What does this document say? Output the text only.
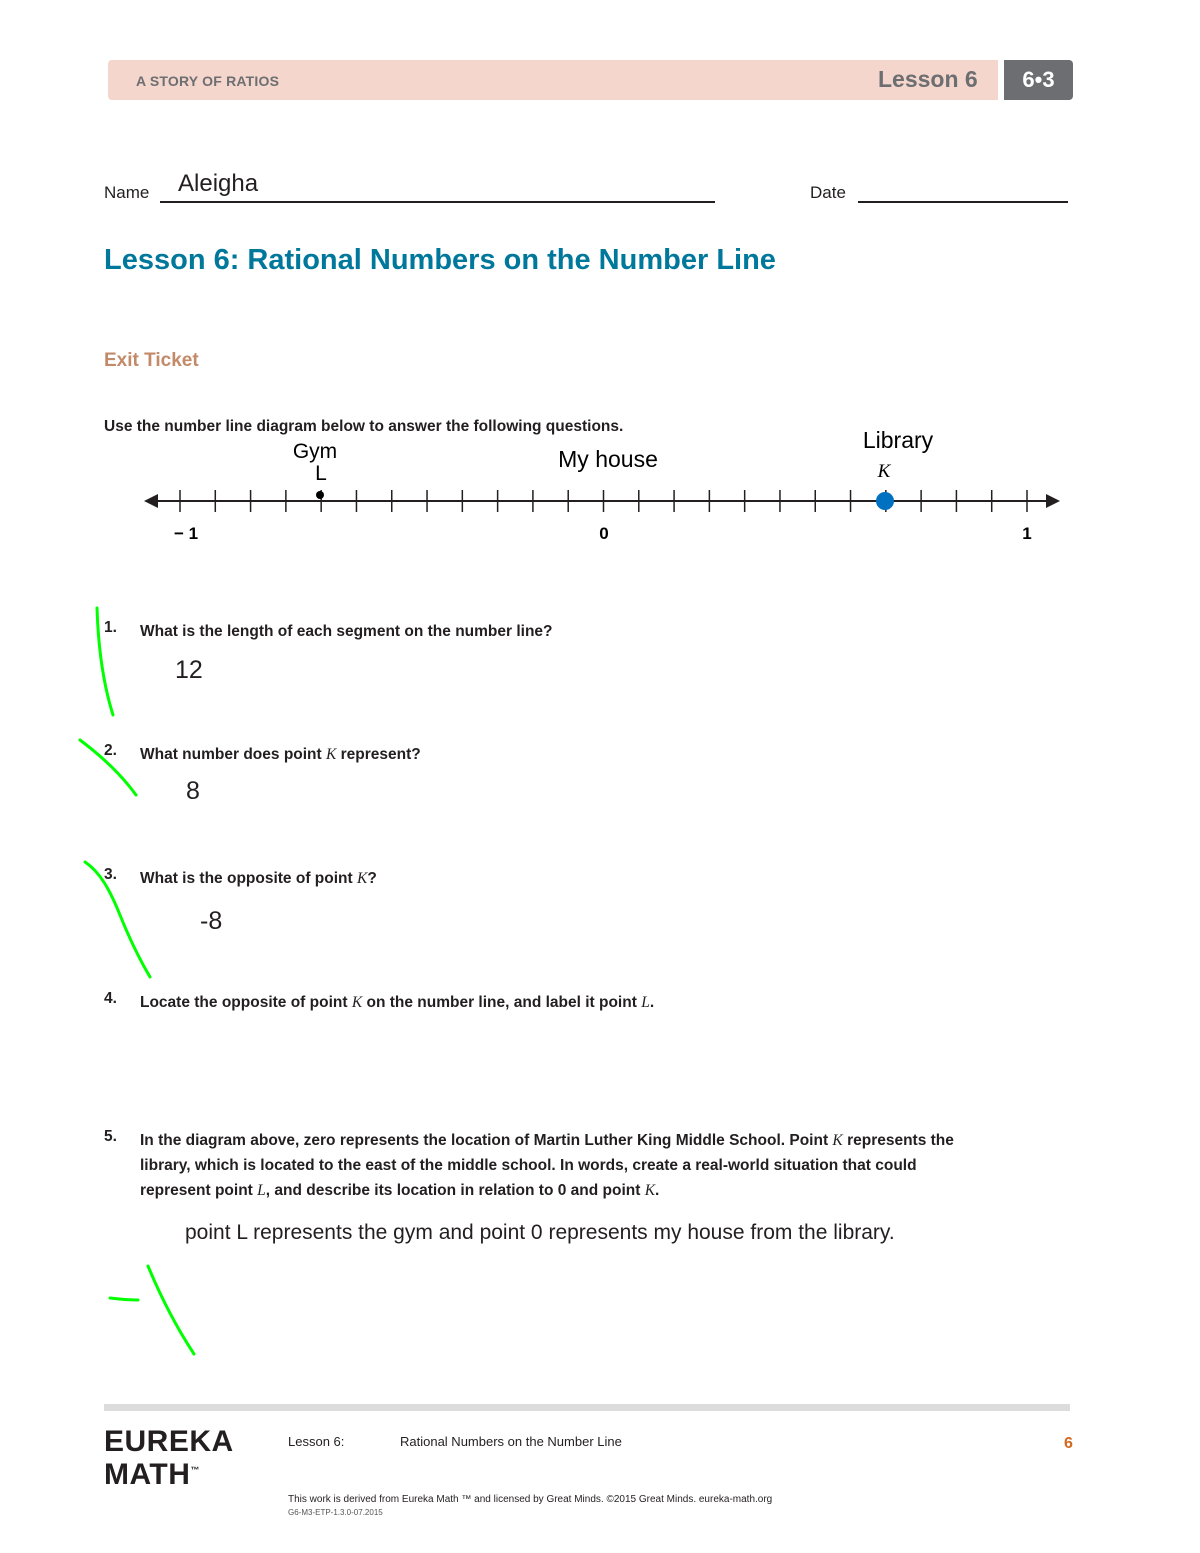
A STORY OF RATIOS	Lesson 6	6•3
Name Aleigha	Date
Lesson 6: Rational Numbers on the Number Line
Exit Ticket
Use the number line diagram below to answer the following questions.
− 1	0	1
K
Library
Gym
L
My house
1. What is the length of each segment on the number line?
12
2. What number does point K represent?
8
3. What is the opposite of point K?
-8
4. Locate the opposite of point K on the number line, and label it point L.
5. In the diagram above, zero represents the location of Martin Luther King Middle School. Point K represents the
library, which is located to the east of the middle school. In words, create a real-world situation that could
represent point L, and describe its location in relation to 0 and point K.
point L represents the gym and point 0 represents my house from the library.
EUREKA
MATH™
Lesson 6:	Rational Numbers on the Number Line	6
This work is derived from Eureka Math ™ and licensed by Great Minds. ©2015 Great Minds. eureka-math.org
G6-M3-ETP-1.3.0-07.2015
